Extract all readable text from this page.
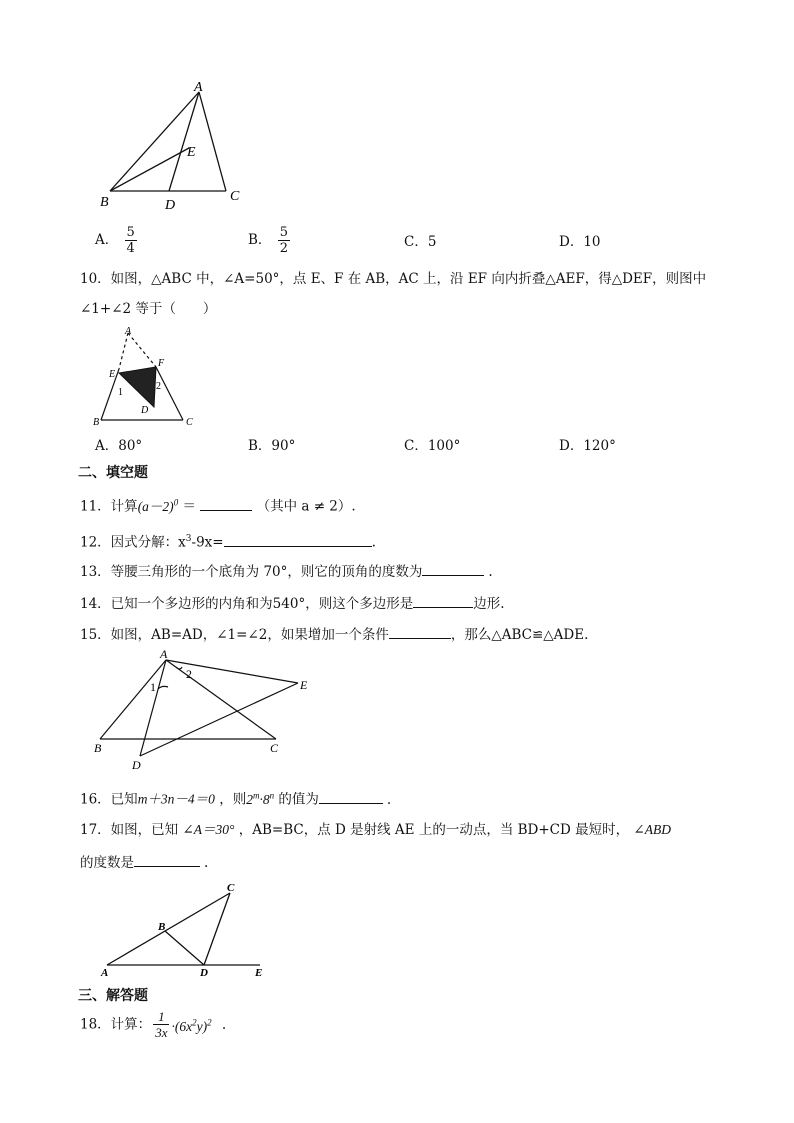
A
E
B	D
C
A． $\frac{5}{4}$	B． $\frac{5}{2}$	C．5	D．10
10．如图，△ABC 中，∠A=50°，点 E、F 在 AB，AC 上，沿 EF 向内折叠△AEF，得△DEF，则图中
∠1+∠2 等于（　　）
A
E
F
1
2
D
B	C
A．80°	B．90°	C．100°	D．120°
二、填空题
11．计算$(a-2)^0$ ＝	（其中 a ≠ 2）.
12．因式分解：$x^3-9x=$	.
13．等腰三角形的一个底角为 70°，则它的顶角的度数为	.
14．已知一个多边形的内角和为540°，则这个多边形是	边形.
15．如图，AB=AD，∠1=∠2，如果增加一个条件	，那么△ABC≌△ADE.
A
1
2
E
B	C
D
16．已知m＋3n－4＝0 ，则$2^m\cdot 8^n$ 的值为	.
17．如图，已知 ∠A＝30° ，AB=BC，点 D 是射线 AE 上的一动点，当 BD+CD 最短时， ∠ABD
的度数是	.
C
B
A	D	E
三、解答题
18．计算： $\frac{1}{3x} \cdot(6x^2y)^2$ .
